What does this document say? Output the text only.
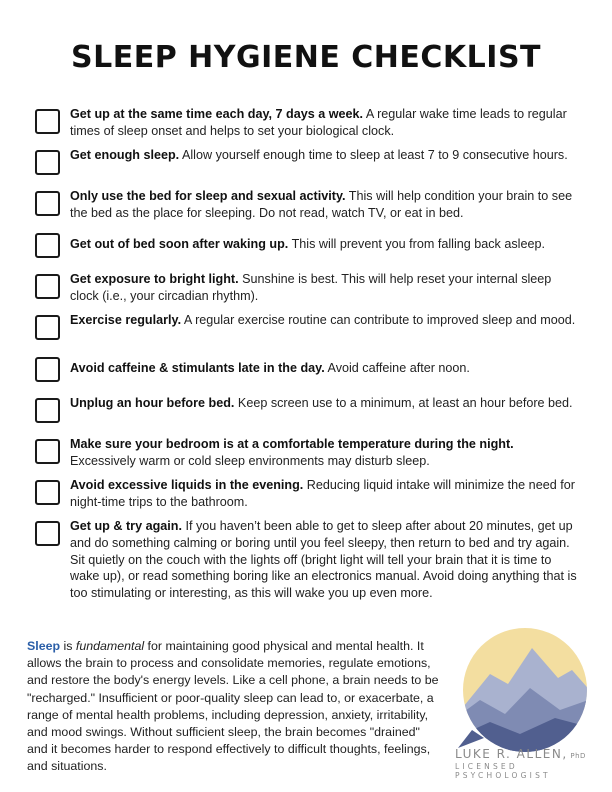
SLEEP HYGIENE CHECKLIST
Get up at the same time each day, 7 days a week. A regular wake time leads to regular times of sleep onset and helps to set your biological clock.
Get enough sleep. Allow yourself enough time to sleep at least 7 to 9 consecutive hours.
Only use the bed for sleep and sexual activity. This will help condition your brain to see the bed as the place for sleeping. Do not read, watch TV, or eat in bed.
Get out of bed soon after waking up. This will prevent you from falling back asleep.
Get exposure to bright light. Sunshine is best. This will help reset your internal sleep clock (i.e., your circadian rhythm).
Exercise regularly. A regular exercise routine can contribute to improved sleep and mood.
Avoid caffeine & stimulants late in the day. Avoid caffeine after noon.
Unplug an hour before bed. Keep screen use to a minimum, at least an hour before bed.
Make sure your bedroom is at a comfortable temperature during the night. Excessively warm or cold sleep environments may disturb sleep.
Avoid excessive liquids in the evening. Reducing liquid intake will minimize the need for night-time trips to the bathroom.
Get up & try again. If you haven’t been able to get to sleep after about 20 minutes, get up and do something calming or boring until you feel sleepy, then return to bed and try again. Sit quietly on the couch with the lights off (bright light will tell your brain that it is time to wake up), or read something boring like an electronics manual. Avoid doing anything that is too stimulating or interesting, as this will wake you up even more.

Sleep is fundamental for maintaining good physical and mental health. It allows the brain to process and consolidate memories, regulate emotions, and restore the body's energy levels. Like a cell phone, a brain needs to be "recharged." Insufficient or poor-quality sleep can lead to, or exacerbate, a range of mental health problems, including depression, anxiety, irritability, and mood swings. Without sufficient sleep, the brain becomes "drained" and it becomes harder to respond effectively to difficult thoughts, feelings, and situations.

LUKE R. ALLEN, PhD
LICENSED PSYCHOLOGIST
